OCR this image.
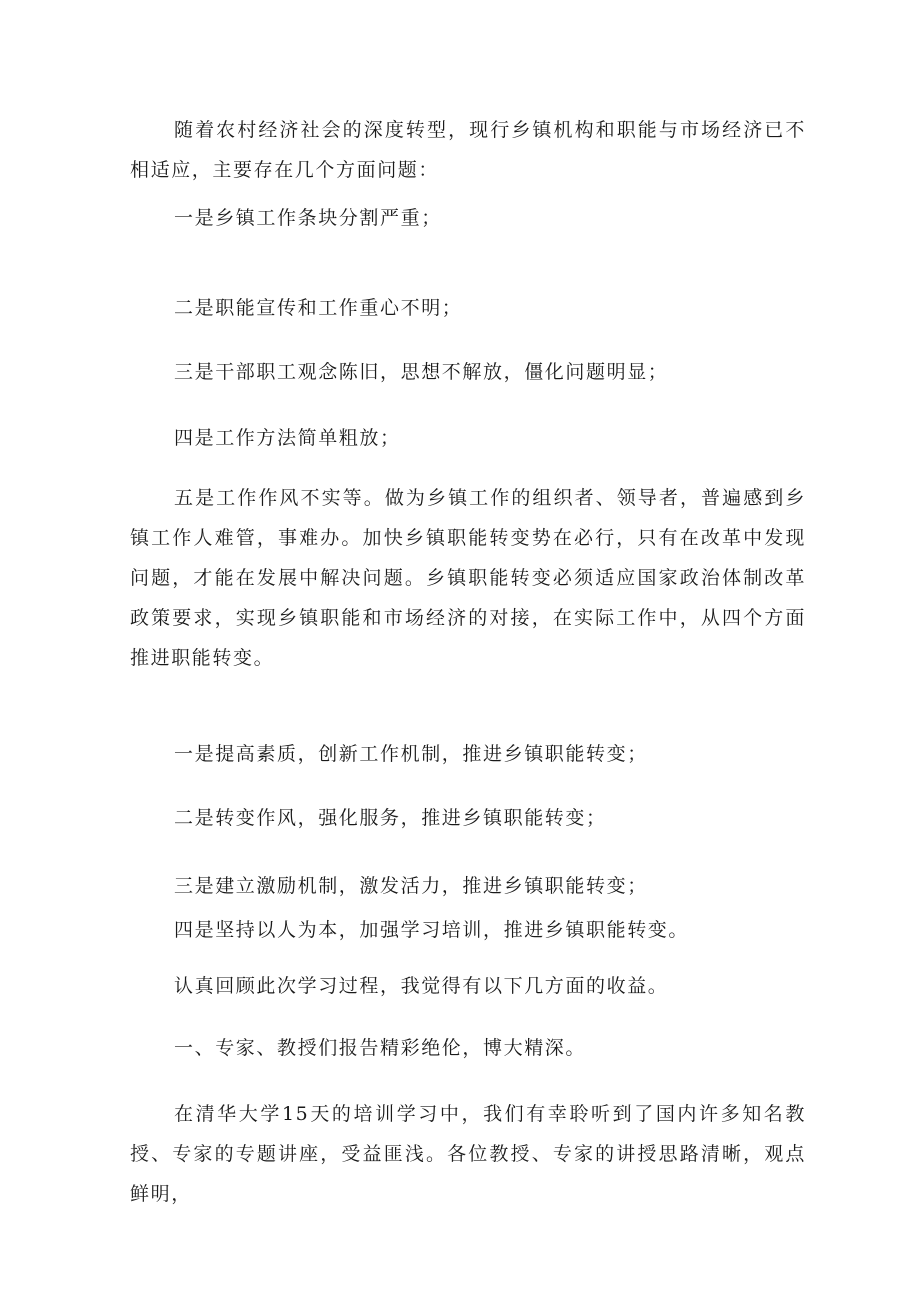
随着农村经济社会的深度转型，现行乡镇机构和职能与市场经济已不相适应，主要存在几个方面问题：

一是乡镇工作条块分割严重；

二是职能宣传和工作重心不明；

三是干部职工观念陈旧，思想不解放，僵化问题明显；

四是工作方法简单粗放；

五是工作作风不实等。做为乡镇工作的组织者、领导者，普遍感到乡镇工作人难管，事难办。加快乡镇职能转变势在必行，只有在改革中发现问题，才能在发展中解决问题。乡镇职能转变必须适应国家政治体制改革政策要求，实现乡镇职能和市场经济的对接，在实际工作中，从四个方面推进职能转变。

一是提高素质，创新工作机制，推进乡镇职能转变；

二是转变作风，强化服务，推进乡镇职能转变；

三是建立激励机制，激发活力，推进乡镇职能转变；

四是坚持以人为本，加强学习培训，推进乡镇职能转变。

认真回顾此次学习过程，我觉得有以下几方面的收益。

一、专家、教授们报告精彩绝伦，博大精深。

在清华大学15天的培训学习中，我们有幸聆听到了国内许多知名教授、专家的专题讲座，受益匪浅。各位教授、专家的讲授思路清晰，观点鲜明，
